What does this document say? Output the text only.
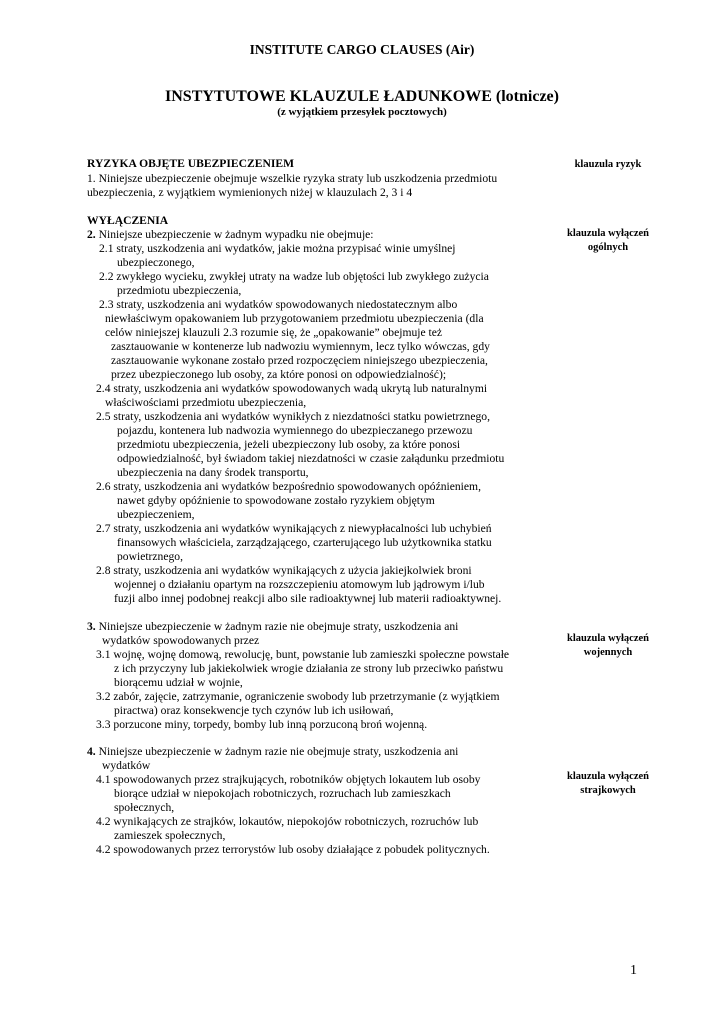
INSTITUTE CARGO CLAUSES (Air)
INSTYTUTOWE KLAUZULE ŁADUNKOWE (lotnicze)
(z wyjątkiem przesyłek pocztowych)
RYZYKA OBJĘTE UBEZPIECZENIEM
1. Niniejsze ubezpieczenie obejmuje wszelkie ryzyka straty lub uszkodzenia przedmiotu
ubezpieczenia, z wyjątkiem wymienionych niżej w klauzulach 2, 3 i 4
klauzula ryzyk
WYŁĄCZENIA
2. Niniejsze ubezpieczenie w żadnym wypadku nie obejmuje:
2.1 straty, uszkodzenia ani wydatków, jakie można przypisać winie umyślnej
ubezpieczonego,
2.2 zwykłego wycieku, zwykłej utraty na wadze lub objętości lub zwykłego zużycia
przedmiotu ubezpieczenia,
2.3 straty, uszkodzenia ani wydatków spowodowanych niedostatecznym albo
niewłaściwym opakowaniem lub przygotowaniem przedmiotu ubezpieczenia (dla
celów niniejszej klauzuli 2.3 rozumie się, że „opakowanie” obejmuje też
zasztauowanie w kontenerze lub nadwoziu wymiennym, lecz tylko wówczas, gdy
zasztauowanie wykonane zostało przed rozpoczęciem niniejszego ubezpieczenia,
przez ubezpieczonego lub osoby, za które ponosi on odpowiedzialność);
2.4 straty, uszkodzenia ani wydatków spowodowanych wadą ukrytą lub naturalnymi
właściwościami przedmiotu ubezpieczenia,
2.5 straty, uszkodzenia ani wydatków wynikłych z niezdatności statku powietrznego,
pojazdu, kontenera lub nadwozia wymiennego do ubezpieczanego przewozu
przedmiotu ubezpieczenia, jeżeli ubezpieczony lub osoby, za które ponosi
odpowiedzialność, był świadom takiej niezdatności w czasie załądunku przedmiotu
ubezpieczenia na dany środek transportu,
2.6 straty, uszkodzenia ani wydatków bezpośrednio spowodowanych opóźnieniem,
nawet gdyby opóźnienie to spowodowane zostało ryzykiem objętym
ubezpieczeniem,
2.7 straty, uszkodzenia ani wydatków wynikających z niewypłacalności lub uchybień
finansowych właściciela, zarządzającego, czarterującego lub użytkownika statku
powietrznego,
2.8 straty, uszkodzenia ani wydatków wynikających z użycia jakiejkolwiek broni
wojennej o działaniu opartym na rozszczepieniu atomowym lub jądrowym i/lub
fuzji albo innej podobnej reakcji albo sile radioaktywnej lub materii radioaktywnej.
klauzula wyłączeń
ogólnych
3. Niniejsze ubezpieczenie w żadnym razie nie obejmuje straty, uszkodzenia ani
wydatków spowodowanych przez
3.1 wojnę, wojnę domową, rewolucję, bunt, powstanie lub zamieszki społeczne powstałe
z ich przyczyny lub jakiekolwiek wrogie działania ze strony lub przeciwko państwu
biorącemu udział w wojnie,
3.2 zabór, zajęcie, zatrzymanie, ograniczenie swobody lub przetrzymanie (z wyjątkiem
piractwa) oraz konsekwencje tych czynów lub ich usiłowań,
3.3 porzucone miny, torpedy, bomby lub inną porzuconą broń wojenną.
klauzula wyłączeń
wojennych
4. Niniejsze ubezpieczenie w żadnym razie nie obejmuje straty, uszkodzenia ani
wydatków
4.1 spowodowanych przez strajkujących, robotników objętych lokautem lub osoby
biorące udział w niepokojach robotniczych, rozruchach lub zamieszkach
społecznych,
4.2 wynikających ze strajków, lokautów, niepokojów robotniczych, rozruchów lub
zamieszek społecznych,
4.2 spowodowanych przez terrorystów lub osoby działające z pobudek politycznych.
klauzula wyłączeń
strajkowych
1
